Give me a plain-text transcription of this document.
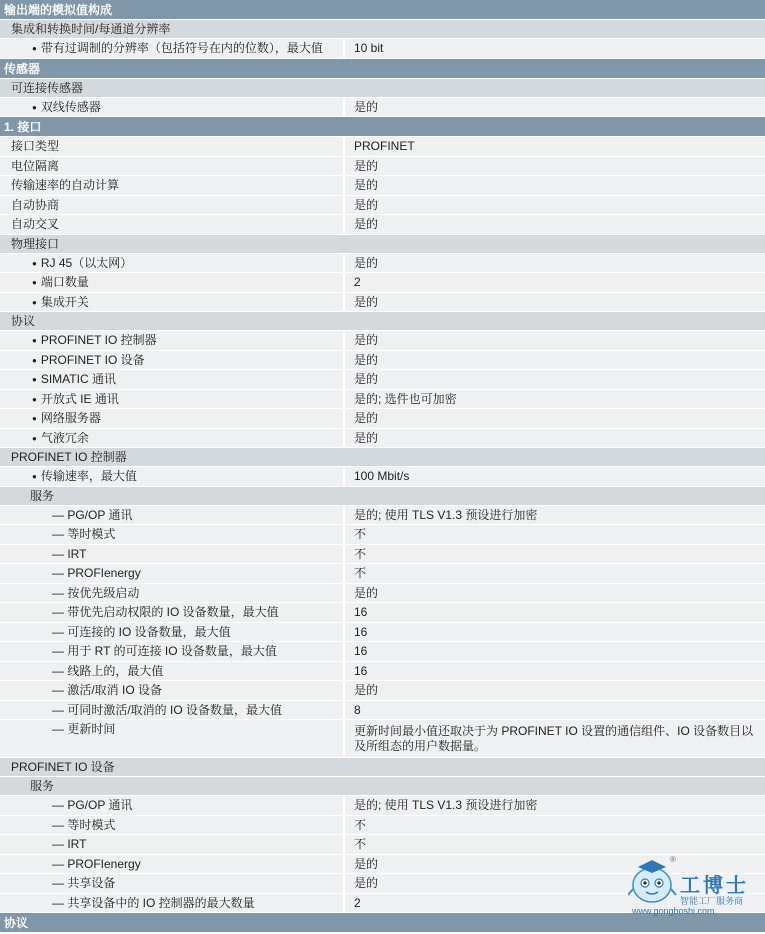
输出端的模拟值构成
集成和转换时间/每通道分辨率
● 带有过调制的分辨率（包括符号在内的位数），最大值	10 bit
传感器
可连接传感器
● 双线传感器	是的
1. 接口
接口类型	PROFINET
电位隔离	是的
传输速率的自动计算	是的
自动协商	是的
自动交叉	是的
物理接口
● RJ 45（以太网）	是的
● 端口数量	2
● 集成开关	是的
协议
● PROFINET IO 控制器	是的
● PROFINET IO 设备	是的
● SIMATIC 通讯	是的
● 开放式 IE 通讯	是的; 选件也可加密
● 网络服务器	是的
● 气液冗余	是的
PROFINET IO 控制器
● 传输速率，最大值	100 Mbit/s
服务
— PG/OP 通讯	是的; 使用 TLS V1.3 预设进行加密
— 等时模式	不
— IRT	不
— PROFIenergy	不
— 按优先级启动	是的
— 带优先启动权限的 IO 设备数量，最大值	16
— 可连接的 IO 设备数量，最大值	16
— 用于 RT 的可连接 IO 设备数量，最大值	16
— 线路上的，最大值	16
— 激活/取消 IO 设备	是的
— 可同时激活/取消的 IO 设备数量，最大值	8
— 更新时间	更新时间最小值还取决于为 PROFINET IO 设置的通信组件、IO 设备数目以及所组态的用户数据量。
PROFINET IO 设备
服务
— PG/OP 通讯	是的; 使用 TLS V1.3 预设进行加密
— 等时模式	不
— IRT	不
— PROFIenergy	是的
— 共享设备	是的
— 共享设备中的 IO 控制器的最大数量	2
协议
®
工博士
智能工厂服务商
www.gongboshi.com
